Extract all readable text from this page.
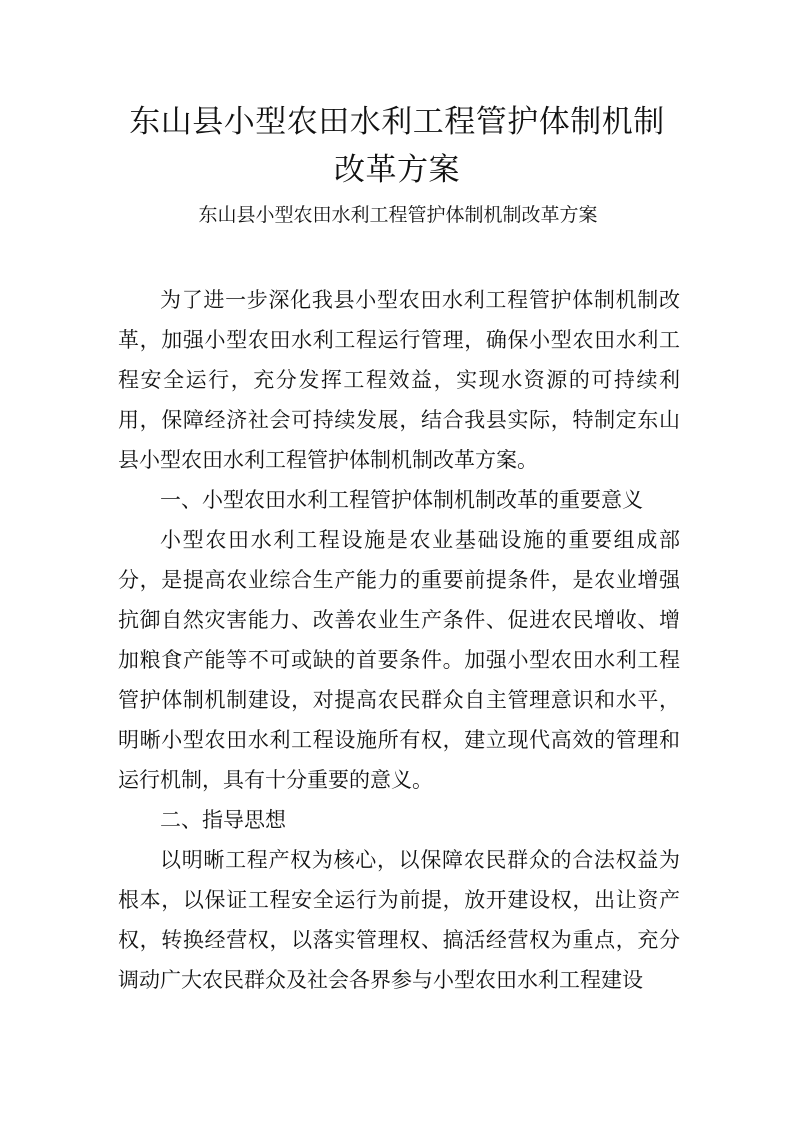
东山县小型农田水利工程管护体制机制
改革方案

东山县小型农田水利工程管护体制机制改革方案

为了进一步深化我县小型农田水利工程管护体制机制改革，加强小型农田水利工程运行管理，确保小型农田水利工程安全运行，充分发挥工程效益，实现水资源的可持续利用，保障经济社会可持续发展，结合我县实际，特制定东山县小型农田水利工程管护体制机制改革方案。

一、小型农田水利工程管护体制机制改革的重要意义

小型农田水利工程设施是农业基础设施的重要组成部分，是提高农业综合生产能力的重要前提条件，是农业增强抗御自然灾害能力、改善农业生产条件、促进农民增收、增加粮食产能等不可或缺的首要条件。加强小型农田水利工程管护体制机制建设，对提高农民群众自主管理意识和水平，明晰小型农田水利工程设施所有权，建立现代高效的管理和运行机制，具有十分重要的意义。

二、指导思想

以明晰工程产权为核心，以保障农民群众的合法权益为根本，以保证工程安全运行为前提，放开建设权，出让资产权，转换经营权，以落实管理权、搞活经营权为重点，充分调动广大农民群众及社会各界参与小型农田水利工程建设
